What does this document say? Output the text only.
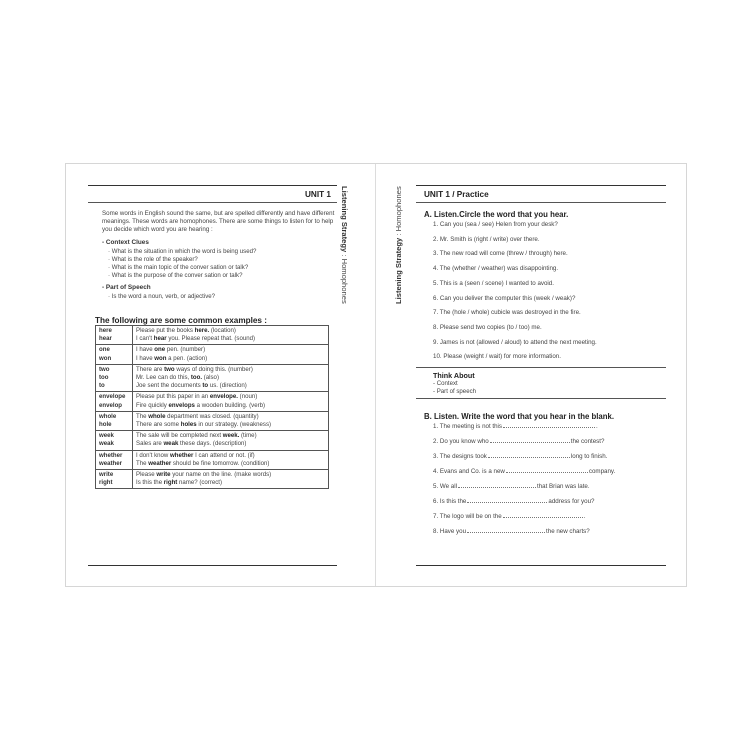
UNIT 1 Listening Strategy : Homophones
Some words in English sound the same, but are spelled differently and have different meanings. These words are homophones. There are some things to listen for to help you decide which word you are hearing :
- Context Clues
· What is the situation in which the word is being used?
· What is the role of the speaker?
· What is the main topic of the conver sation or talk?
· What is the purpose of the conver sation or talk?
- Part of Speech
· Is the word a noun, verb, or adjective?
The following are some common examples :
here
hear	Please put the books here. (location)
I can't hear you. Please repeat that. (sound)

one
won	I have one pen. (number)
I have won a pen. (action)

two
too
to	There are two ways of doing this. (number)
Mr. Lee can do this, too. (also)
Joe sent the documents to us. (direction)

envelope
envelop	Please put this paper in an envelope. (noun)
Fire quickly envelops a wooden building. (verb)

whole
hole	The whole department was closed. (quantity)
There are some holes in our strategy. (weakness)

week
weak	The sale will be completed next week. (time)
Sales are weak these days. (description)

whether
weather	I don't know whether I can attend or not. (if)
The weather should be fine tomorrow. (condition)

write
right	Please write your name on the line. (make words)
Is this the right name? (correct)
Listening Strategy : Homophones	UNIT 1 / Practice
A. Listen.Circle the word that you hear.
1. Can you (sea / see) Helen from your desk?
2. Mr. Smith is (right / write) over there.
3. The new road will come (threw / through) here.
4. The (whether / weather) was disappointing.
5. This is a (seen / scene) I wanted to avoid.
6. Can you deliver the computer this (week / weak)?
7. The (hole / whole) cubicle was destroyed in the fire.
8. Please send two copies (to / too) me.
9. James is not (allowed / aloud) to attend the next meeting.
10. Please (weight / wait) for more information.
Think About
- Context
- Part of speech
B. Listen. Write the word that you hear in the blank.
1. The meeting is not this	.
2. Do you know who	the contest?
3. The designs took	long to finish.
4. Evans and Co. is a new	company.
5. We all	that Brian was late.
6. Is this the	address for you?
7. The logo will be on the	.
8. Have you	the new charts?
